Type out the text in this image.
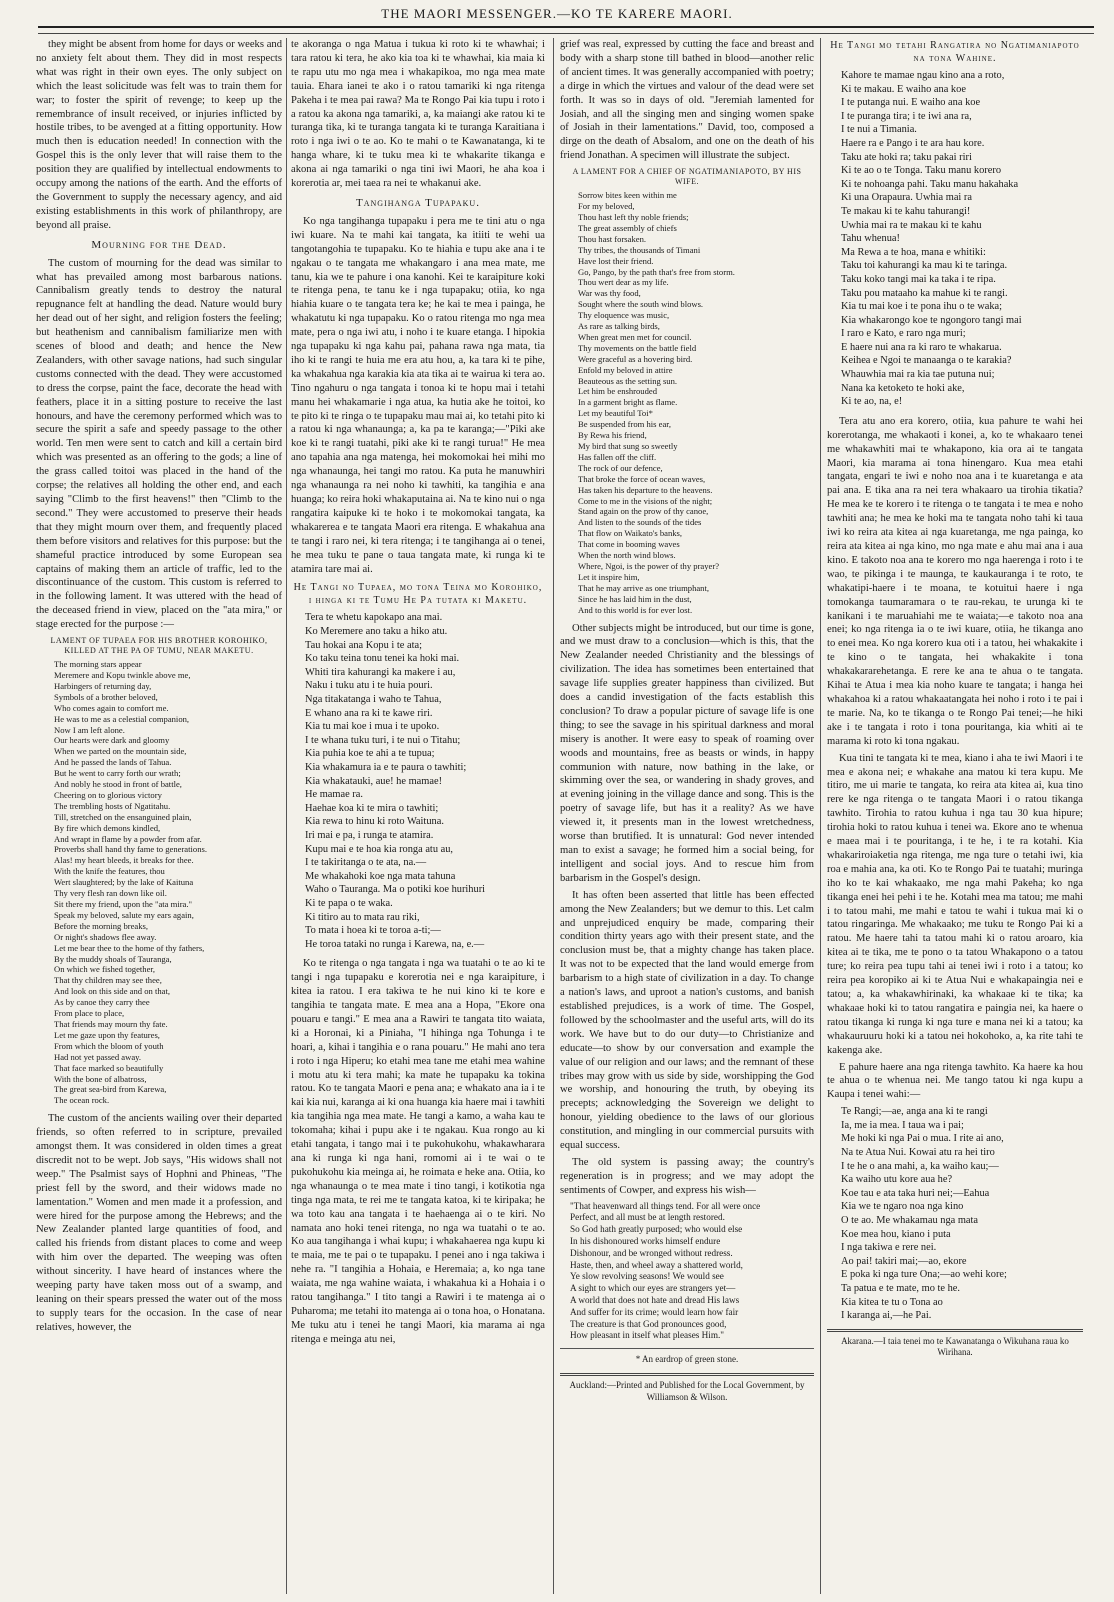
THE MAORI MESSENGER.—KO TE KARERE MAORI.

they might be absent from home for days or weeks and no anxiety felt about them. They did in most respects what was right in their own eyes. The only subject on which the least solicitude was felt was to train them for war; to foster the spirit of revenge; to keep up the remembrance of insult received, or injuries inflicted by hostile tribes, to be avenged at a fitting opportunity. How much then is education needed! In connection with the Gospel this is the only lever that will raise them to the position they are qualified by intellectual endowments to occupy among the nations of the earth. And the efforts of the Government to supply the necessary agency, and aid existing establishments in this work of philanthropy, are beyond all praise.

Mourning for the Dead.

The custom of mourning for the dead was similar to what has prevailed among most barbarous nations. Cannibalism greatly tends to destroy the natural repugnance felt at handling the dead. Nature would bury her dead out of her sight, and religion fosters the feeling; but heathenism and cannibalism familiarize men with scenes of blood and death; and hence the New Zealanders, with other savage nations, had such singular customs connected with the dead. They were accustomed to dress the corpse, paint the face, decorate the head with feathers, place it in a sitting posture to receive the last honours, and have the ceremony performed which was to secure the spirit a safe and speedy passage to the other world. Ten men were sent to catch and kill a certain bird which was presented as an offering to the gods; a line of the grass called toitoi was placed in the hand of the corpse; the relatives all holding the other end, and each saying "Climb to the first heavens!" then "Climb to the second." They were accustomed to preserve their heads that they might mourn over them, and frequently placed them before visitors and relatives for this purpose: but the shameful practice introduced by some European sea captains of making them an article of traffic, led to the discontinuance of the custom. This custom is referred to in the following lament. It was uttered with the head of the deceased friend in view, placed on the "ata mira," or stage erected for the purpose :—

LAMENT OF TUPAEA FOR HIS BROTHER KOROHIKO, KILLED AT THE PA OF TUMU, NEAR MAKETU.
The morning stars appear
Meremere and Kopu twinkle above me,
Harbingers of returning day,
Symbols of a brother beloved,
Who comes again to comfort me.
He was to me as a celestial companion,
Now I am left alone.
Our hearts were dark and gloomy
When we parted on the mountain side,
And he passed the lands of Tahua.
But he went to carry forth our wrath;
And nobly he stood in front of battle,
Cheering on to glorious victory
The trembling hosts of Ngatitahu.
Till, stretched on the ensanguined plain,
By fire which demons kindled,
And wrapt in flame by a powder from afar.
Proverbs shall hand thy fame to generations.
Alas! my heart bleeds, it breaks for thee.
With the knife the features, thou
Wert slaughtered; by the lake of Kaituna
Thy very flesh ran down like oil.
Sit there my friend, upon the "ata mira."
Speak my beloved, salute my ears again,
Before the morning breaks,
Or night's shadows flee away.
Let me bear thee to the home of thy fathers,
By the muddy shoals of Tauranga,
On which we fished together,
That thy children may see thee,
And look on this side and on that,
As by canoe they carry thee
From place to place,
That friends may mourn thy fate.
Let me gaze upon thy features,
From which the bloom of youth
Had not yet passed away.
That face marked so beautifully
With the bone of albatross,
The great sea-bird from Karewa,
The ocean rock.

The custom of the ancients wailing over their departed friends, so often referred to in scripture, prevailed amongst them. It was considered in olden times a great discredit not to be wept. Job says, "His widows shall not weep." The Psalmist says of Hophni and Phineas, "The priest fell by the sword, and their widows made no lamentation." Women and men made it a profession, and were hired for the purpose among the Hebrews; and the New Zealander planted large quantities of food, and called his friends from distant places to come and weep with him over the departed. The weeping was often without sincerity. I have heard of instances where the weeping party have taken moss out of a swamp, and leaning on their spears pressed the water out of the moss to supply tears for the occasion. In the case of near relatives, however, the

te akoranga o nga Matua i tukua ki roto ki te whawhai; i tara ratou ki tera, he ako kia toa ki te whawhai, kia maia ki te rapu utu mo nga mea i whakapikoa, mo nga mea mate tauia. Ehara ianei te ako i o ratou tamariki ki nga ritenga Pakeha i te mea pai rawa? Ma te Rongo Pai kia tupu i roto i a ratou ka akona nga tamariki, a, ka maiangi ake ratou ki te turanga tika, ki te turanga tangata ki te turanga Karaitiana i roto i nga iwi o te ao. Ko te mahi o te Kawanatanga, ki te hanga whare, ki te tuku mea ki te whakarite tikanga e akona ai nga tamariki o nga tini iwi Maori, he aha koa i korerotia ar, mei taea ra nei te whakanui ake.

Tangihanga Tupapaku.

Ko nga tangihanga tupapaku i pera me te tini atu o nga iwi kuare. Na te mahi kai tangata, ka itiiti te wehi ua tangotangohia te tupapaku. Ko te hiahia e tupu ake ana i te ngakau o te tangata me whakangaro i ana mea mate, me tanu, kia we te pahure i ona kanohi. Kei te karaipiture koki te ritenga pena, te tanu ke i nga tupapaku; otiia, ko nga hiahia kuare o te tangata tera ke; he kai te mea i painga, he whakatutu ki nga tupapaku. Ko o ratou ritenga mo nga mea mate, pera o nga iwi atu, i noho i te kuare etanga. I hipokia nga tupapaku ki nga kahu pai, pahana rawa nga mata, tia iho ki te rangi te huia me era atu hou, a, ka tara ki te pihe, ka whakahua nga karakia kia ata tika ai te wairua ki tera ao. Tino ngahuru o nga tangata i tonoa ki te hopu mai i tetahi manu hei whakamarie i nga atua, ka hutia ake he toitoi, ko te pito ki te ringa o te tupapaku mau mai ai, ko tetahi pito ki a ratou ki nga whanaunga; a, ka pa te karanga;—"Piki ake koe ki te rangi tuatahi, piki ake ki te rangi turua!" He mea ano tapahia ana nga matenga, hei mokomokai hei mihi mo nga whanaunga, hei tangi mo ratou. Ka puta he manuwhiri nga whanaunga ra nei noho ki tawhiti, ka tangihia e ana huanga; ko reira hoki whakaputaina ai. Na te kino nui o nga rangatira kaipuke ki te hoko i te mokomokai tangata, ka whakarerea e te tangata Maori era ritenga. E whakahua ana te tangi i raro nei, ki tera ritenga; i te tangihanga ai o tenei, he mea tuku te pane o taua tangata mate, ki runga ki te atamira tare mai ai.

He Tangi no Tupaea, mo tona Teina mo Korohiko, i hinga ki te Tumu He Pa tutata ki Maketu.
Tera te whetu kapokapo ana mai.
Ko Meremere ano taku a hiko atu.
Tau hokai ana Kopu i te ata;
Ko taku teina tonu tenei ka hoki mai.
Whiti tira kahurangi ka makere i au,
Naku i tuku atu i te huia pouri.
Nga titakatanga i waho te Tahua,
E whano ana ra ki te kawe riri.
Kia tu mai koe i mua i te upoko.
I te whana tuku turi, i te nui o Titahu;
Kia puhia koe te ahi a te tupua;
Kia whakamura ia e te paura o tawhiti;
Kia whakatauki, aue! he mamae!
He mamae ra.
Haehae koa ki te mira o tawhiti;
Kia rewa to hinu ki roto Waituna.
Iri mai e pa, i runga te atamira.
Kupu mai e te hoa kia ronga atu au,
I te takiritanga o te ata, na.—
Me whakahoki koe nga mata tahuna
Waho o Tauranga. Ma o potiki koe hurihuri
Ki te papa o te waka.
Ki titiro au to mata rau riki,
To mata i hoea ki te toroa a-ti;—
He toroa tataki no runga i Karewa, na, e.—

Ko te ritenga o nga tangata i nga wa tuatahi o te ao ki te tangi i nga tupapaku e korerotia nei e nga karaipiture, i kitea ia ratou. I era takiwa te he nui kino ki te kore e tangihia te tangata mate. E mea ana a Hopa, "Ekore ona pouaru e tangi." E mea ana a Rawiri te tangata tito waiata, ki a Horonai, ki a Piniaha, "I hihinga nga Tohunga i te hoari, a, kihai i tangihia e o rana pouaru." He mahi ano tera i roto i nga Hiperu; ko etahi mea tane me etahi mea wahine i motu atu ki tera mahi; ka mate he tupapaku ka tokina ratou. Ko te tangata Maori e pena ana; e whakato ana ia i te kai kia nui, karanga ai ki ona huanga kia haere mai i tawhiti kia tangihia nga mea mate. He tangi a kamo, a waha kau te tokomaha; kihai i pupu ake i te ngakau. Kua rongo au ki etahi tangata, i tango mai i te pukohukohu, whakawharara ana ki runga ki nga hani, romomi ai i te wai o te pukohukohu kia meinga ai, he roimata e heke ana. Otiia, ko nga whanaunga o te mea mate i tino tangi, i kotikotia nga tinga nga mata, te rei me te tangata katoa, ki te kiripaka; he wa toto kau ana tangata i te haehaenga ai o te kiri. No namata ano hoki tenei ritenga, no nga wa tuatahi o te ao. Ko aua tangihanga i whai kupu; i whakahaerea nga kupu ki te maia, me te pai o te tupapaku. I penei ano i nga takiwa i nehe ra. "I tangihia a Hohaia, e Heremaia; a, ko nga tane waiata, me nga wahine waiata, i whakahua ki a Hohaia i o ratou tangihanga." I tito tangi a Rawiri i te matenga ai o Puharoma; me tetahi ito matenga ai o tona hoa, o Honatana. Me tuku atu i tenei he tangi Maori, kia marama ai nga ritenga e meinga atu nei,

grief was real, expressed by cutting the face and breast and body with a sharp stone till bathed in blood—another relic of ancient times. It was generally accompanied with poetry; a dirge in which the virtues and valour of the dead were set forth. It was so in days of old. "Jeremiah lamented for Josiah, and all the singing men and singing women spake of Josiah in their lamentations." David, too, composed a dirge on the death of Absalom, and one on the death of his friend Jonathan. A specimen will illustrate the subject.

A LAMENT FOR A CHIEF OF NGATIMANIAPOTO, BY HIS WIFE.
Sorrow bites keen within me
For my beloved,
Thou hast left thy noble friends;
The great assembly of chiefs
Thou hast forsaken.
Thy tribes, the thousands of Timani
Have lost their friend.
Go, Pango, by the path that's free from storm.
Thou wert dear as my life.
War was thy food,
Sought where the south wind blows.
Thy eloquence was music,
As rare as talking birds,
When great men met for council.
Thy movements on the battle field
Were graceful as a hovering bird.
Enfold my beloved in attire
Beauteous as the setting sun.
Let him be enshrouded
In a garment bright as flame.
Let my beautiful Toi*
Be suspended from his ear,
By Rewa his friend,
My bird that sung so sweetly
Has fallen off the cliff.
The rock of our defence,
That broke the force of ocean waves,
Has taken his departure to the heavens.
Come to me in the visions of the night;
Stand again on the prow of thy canoe,
And listen to the sounds of the tides
That flow on Waikato's banks,
That come in booming waves
When the north wind blows.
Where, Ngoi, is the power of thy prayer?
Let it inspire him,
That he may arrive as one triumphant,
Since he has laid him in the dust,
And to this world is for ever lost.

Other subjects might be introduced, but our time is gone, and we must draw to a conclusion—which is this, that the New Zealander needed Christianity and the blessings of civilization. The idea has sometimes been entertained that savage life supplies greater happiness than civilized. But does a candid investigation of the facts establish this conclusion? To draw a popular picture of savage life is one thing; to see the savage in his spiritual darkness and moral misery is another. It were easy to speak of roaming over woods and mountains, free as beasts or winds, in happy communion with nature, now bathing in the lake, or skimming over the sea, or wandering in shady groves, and at evening joining in the village dance and song. This is the poetry of savage life, but has it a reality? As we have viewed it, it presents man in the lowest wretchedness, worse than brutified. It is unnatural: God never intended man to exist a savage; he formed him a social being, for intelligent and social joys. And to rescue him from barbarism in the Gospel's design.

It has often been asserted that little has been effected among the New Zealanders; but we demur to this. Let calm and unprejudiced enquiry be made, comparing their condition thirty years ago with their present state, and the conclusion must be, that a mighty change has taken place. It was not to be expected that the land would emerge from barbarism to a high state of civilization in a day. To change a nation's laws, and uproot a nation's customs, and banish established prejudices, is a work of time. The Gospel, followed by the schoolmaster and the useful arts, will do its work. We have but to do our duty—to Christianize and educate—to show by our conversation and example the value of our religion and our laws; and the remnant of these tribes may grow with us side by side, worshipping the God we worship, and honouring the truth, by obeying its precepts; acknowledging the Sovereign we delight to honour, yielding obedience to the laws of our glorious constitution, and mingling in our commercial pursuits with equal success.

The old system is passing away; the country's regeneration is in progress; and we may adopt the sentiments of Cowper, and express his wish—

"That heavenward all things tend. For all were once
Perfect, and all must be at length restored.
So God hath greatly purposed; who would else
In his dishonoured works himself endure
Dishonour, and be wronged without redress.
Haste, then, and wheel away a shattered world,
Ye slow revolving seasons! We would see
A sight to which our eyes are strangers yet—
A world that does not hate and dread His laws
And suffer for its crime; would learn how fair
The creature is that God pronounces good,
How pleasant in itself what pleases Him."
* An eardrop of green stone.
Auckland:—Printed and Published for the Local Government, by Williamson & Wilson.
He Tangi mo tetahi Rangatira no Ngatimaniapoto na tona Wahine.
Kahore te mamae ngau kino ana a roto,
Ki te makau. E waiho ana koe
I te putanga nui. E waiho ana koe
I te puranga tira; i te iwi ana ra,
I te nui a Timania.
Haere ra e Pango i te ara hau kore.
Taku ate hoki ra; taku pakai riri
Ki te ao o te Tonga. Taku manu korero
Ki te nohoanga pahi. Taku manu hakahaka
Ki una Orapaura. Uwhia mai ra
Te makau ki te kahu tahurangi!
Uwhia mai ra te makau ki te kahu
Tahu whenua!
Ma Rewa a te hoa, mana e whitiki:
Taku toi kahurangi ka mau ki te taringa.
Taku koko tangi mai ka taka i te ripa.
Taku pou mataaho ka mahue ki te rangi.
Kia tu mai koe i te pona ihu o te waka;
Kia whakarongo koe te ngongoro tangi mai
I raro e Kato, e raro nga muri;
E haere nui ana ra ki raro te whakarua.
Keihea e Ngoi te manaanga o te karakia?
Whauwhia mai ra kia tae putuna nui;
Nana ka ketoketo te hoki ake,
Ki te ao, na, e!

Tera atu ano era korero, otiia, kua pahure te wahi hei korerotanga, me whakaoti i konei, a, ko te whakaaro tenei me whakawhiti mai te whakapono, kia ora ai te tangata Maori, kia marama ai tona hinengaro. Kua mea etahi tangata, engari te iwi e noho noa ana i te kuaretanga e ata pai ana. E tika ana ra nei tera whakaaro ua tirohia tikatia? He mea ke te korero i te ritenga o te tangata i te mea e noho tawhiti ana; he mea ke hoki ma te tangata noho tahi ki taua iwi ko reira ata kitea ai nga kuaretanga, me nga painga, ko reira ata kitea ai nga kino, mo nga mate e ahu mai ana i aua kino. E takoto noa ana te korero mo nga haerenga i roto i te wao, te pikinga i te maunga, te kaukauranga i te roto, te whakatipi-haere i te moana, te kotuitui haere i nga tomokanga taumaramara o te rau-rekau, te urunga ki te kanikani i te maruahiahi me te waiata;—e takoto noa ana enei; ko nga ritenga ia o te iwi kuare, otiia, he tikanga ano to enei mea. Ko nga korero kua oti i a tatou, hei whakakite i te kino o te tangata, hei whakakite i tona whakakararehetanga. E rere ke ana te ahua o te tangata. Kihai te Atua i mea kia noho kuare te tangata; i hanga hei whakahoa ki a ratou whakaatangata hei noho i roto i te pai i te marie. Na, ko te tikanga o te Rongo Pai tenei;—he hiki ake i te tangata i roto i tona pouritanga, kia whiti ai te marama ki roto ki tona ngakau.

Kua tini te tangata ki te mea, kiano i aha te iwi Maori i te mea e akona nei; e whakahe ana matou ki tera kupu. Me titiro, me ui marie te tangata, ko reira ata kitea ai, kua tino rere ke nga ritenga o te tangata Maori i o ratou tikanga tawhito. Tirohia to ratou kuhua i nga tau 30 kua hipure; tirohia hoki to ratou kuhua i tenei wa. Ekore ano te whenua e maea mai i te pouritanga, i te he, i te ra kotahi. Kia whakariroiaketia nga ritenga, me nga ture o tetahi iwi, kia roa e mahia ana, ka oti. Ko te Rongo Pai te tuatahi; muringa iho ko te kai whakaako, me nga mahi Pakeha; ko nga tikanga enei hei pehi i te he. Kotahi mea ma tatou; me mahi i to tatou mahi, me mahi e tatou te wahi i tukua mai ki o tatou ringaringa. Me whakaako; me tuku te Rongo Pai ki a ratou. Me haere tahi ta tatou mahi ki o ratou aroaro, kia kitea ai te tika, me te pono o ta tatou Whakapono o a tatou ture; ko reira pea tupu tahi ai tenei iwi i roto i a tatou; ko reira pea koropiko ai ki te Atua Nui e whakapaingia nei e tatou; a, ka whakawhirinaki, ka whakaae ki te tika; ka whakaae hoki ki to tatou rangatira e paingia nei, ka haere o ratou tikanga ki runga ki nga ture e mana nei ki a tatou; ka whakauruuru hoki ki a tatou nei hokohoko, a, ka rite tahi te kakenga ake.

E pahure haere ana nga ritenga tawhito. Ka haere ka hou te ahua o te whenua nei. Me tango tatou ki nga kupu a Kaupa i tenei wahi:—

Te Rangi;—ae, anga ana ki te rangi
Ia, me ia mea. I taua wa i pai;
Me hoki ki nga Pai o mua. I rite ai ano,
Na te Atua Nui. Kowai atu ra hei tiro
I te he o ana mahi, a, ka waiho kau;—
Ka waiho utu kore aua he?
Koe tau e ata taka huri nei;—Eahua
Kia we te ngaro noa nga kino
O te ao. Me whakamau nga mata
Koe mea hou, kiano i puta
I nga takiwa e rere nei.
Ao pai! takiri mai;—ao, ekore
E poka ki nga ture Ona;—ao wehi kore;
Ta patua e te mate, mo te he.
Kia kitea te tu o Tona ao
I karanga ai,—he Pai.
Akarana.—I taia tenei mo te Kawanatanga o Wikuhana raua ko Wirihana.
